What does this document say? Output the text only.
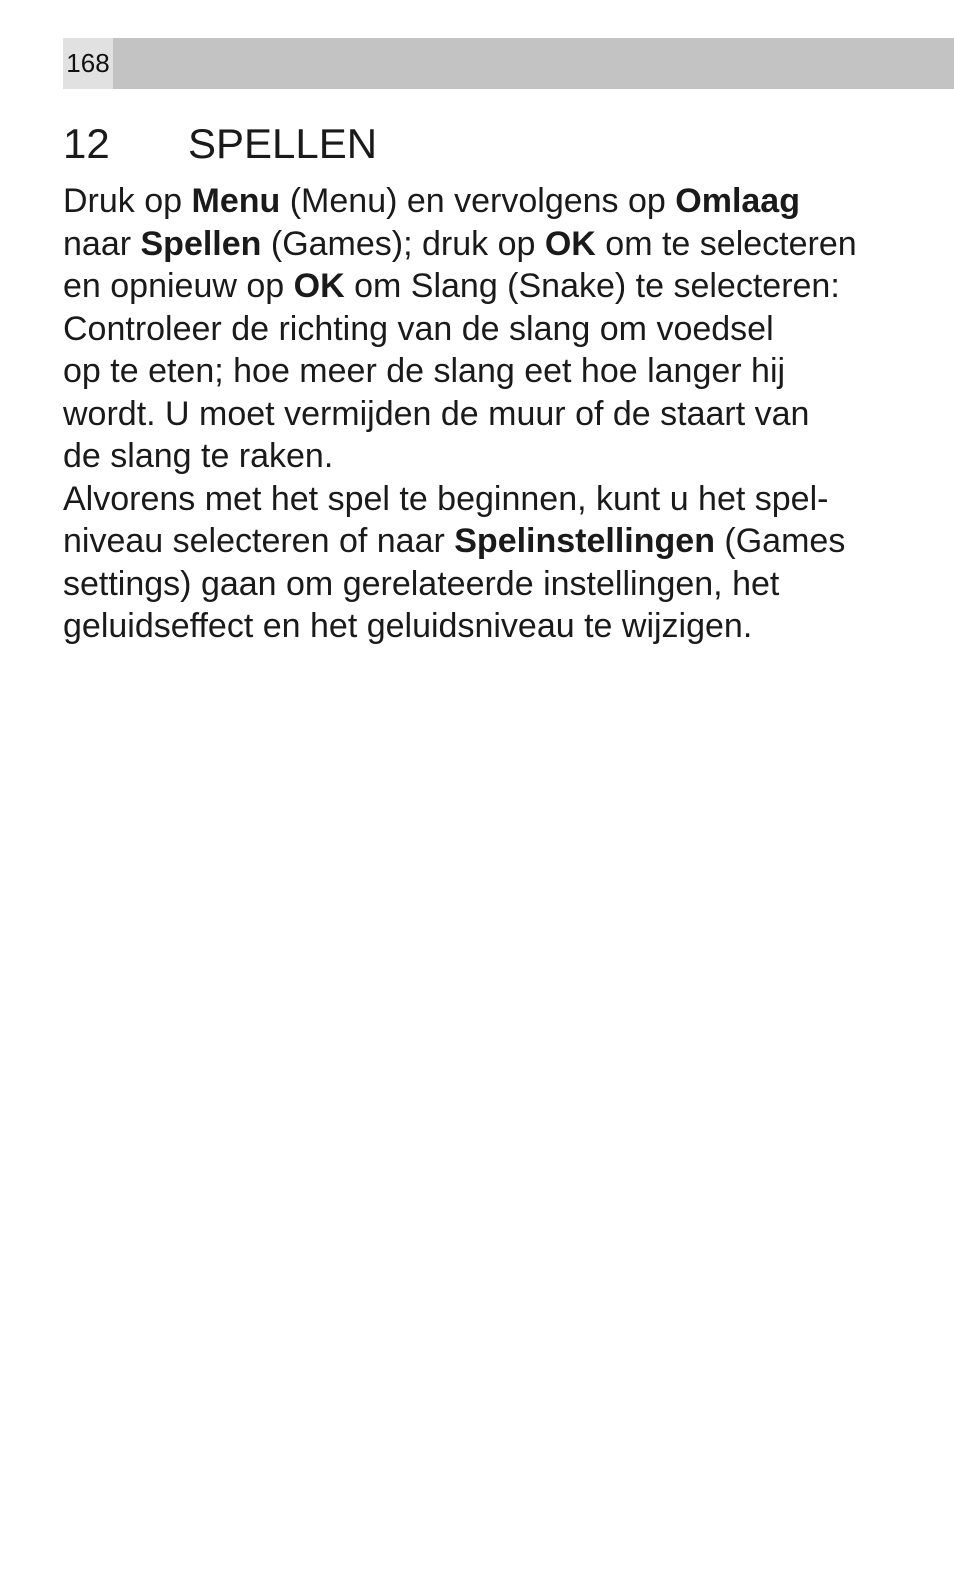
168
12 SPELLEN

Druk op Menu (Menu) en vervolgens op Omlaag
naar Spellen (Games); druk op OK om te selecteren
en opnieuw op OK om Slang (Snake) te selecteren:
Controleer de richting van de slang om voedsel
op te eten; hoe meer de slang eet hoe langer hij
wordt. U moet vermijden de muur of de staart van
de slang te raken.

Alvorens met het spel te beginnen, kunt u het spel-
niveau selecteren of naar Spelinstellingen (Games
settings) gaan om gerelateerde instellingen, het
geluidseffect en het geluidsniveau te wijzigen.
